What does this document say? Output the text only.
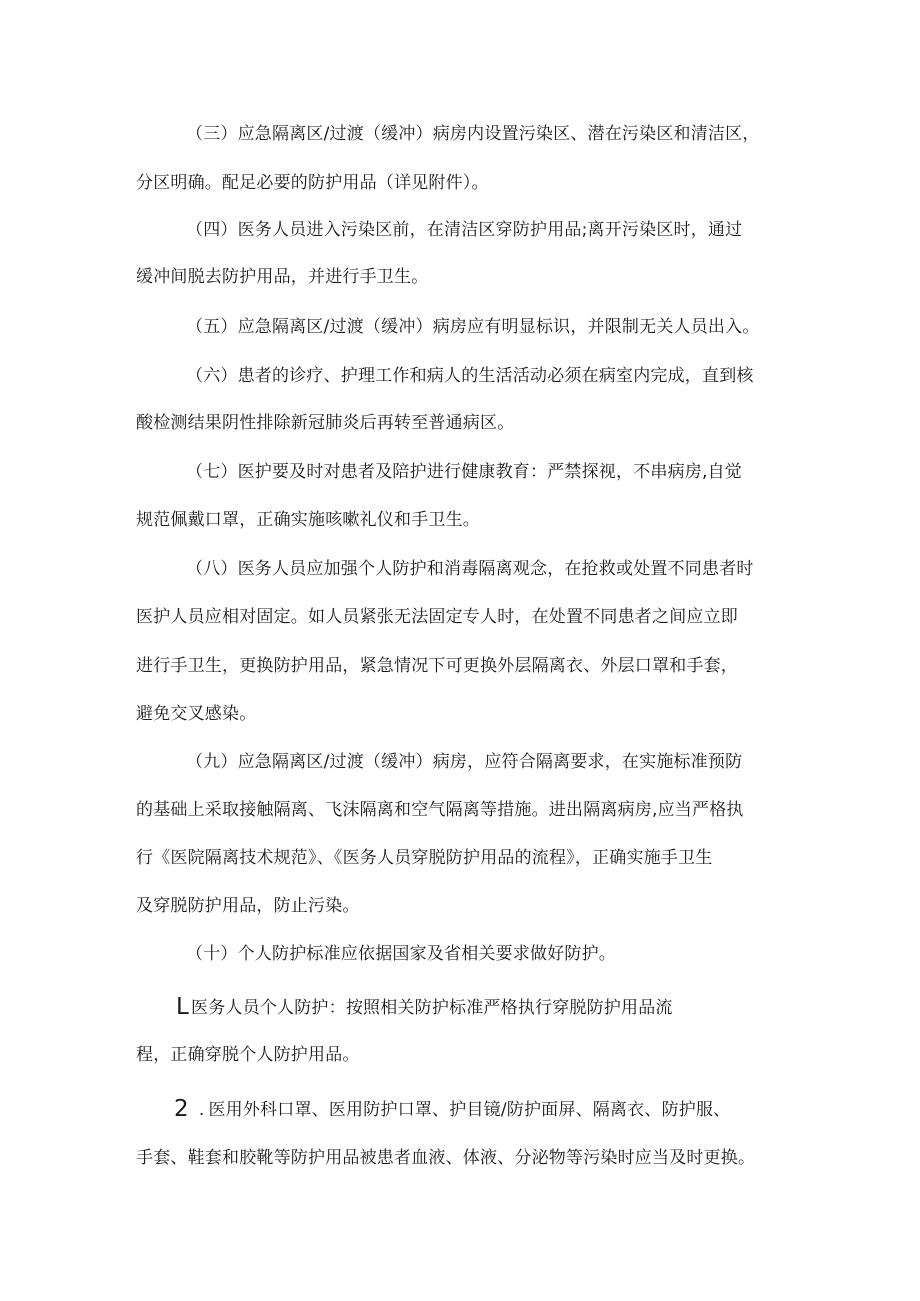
（三）应急隔离区/过渡（缓冲）病房内设置污染区、潜在污染区和清洁区，
分区明确。配足必要的防护用品（详见附件）。
（四）医务人员进入污染区前，在清洁区穿防护用品;离开污染区时，通过
缓冲间脱去防护用品，并进行手卫生。
（五）应急隔离区/过渡（缓冲）病房应有明显标识，并限制无关人员出入。
（六）患者的诊疗、护理工作和病人的生活活动必须在病室内完成，直到核
酸检测结果阴性排除新冠肺炎后再转至普通病区。
（七）医护要及时对患者及陪护进行健康教育：严禁探视，不串病房,自觉
规范佩戴口罩，正确实施咳嗽礼仪和手卫生。
（八）医务人员应加强个人防护和消毒隔离观念，在抢救或处置不同患者时
医护人员应相对固定。如人员紧张无法固定专人时，在处置不同患者之间应立即
进行手卫生，更换防护用品，紧急情况下可更换外层隔离衣、外层口罩和手套，
避免交叉感染。
（九）应急隔离区/过渡（缓冲）病房，应符合隔离要求，在实施标准预防
的基础上采取接触隔离、飞沫隔离和空气隔离等措施。进出隔离病房,应当严格执
行《医院隔离技术规范》、《医务人员穿脱防护用品的流程》，正确实施手卫生
及穿脱防护用品，防止污染。
（十）个人防护标准应依据国家及省相关要求做好防护。
L 医务人员个人防护：按照相关防护标准严格执行穿脱防护用品流
程，正确穿脱个人防护用品。
2 . 医用外科口罩、医用防护口罩、护目镜/防护面屏、隔离衣、防护服、
手套、鞋套和胶靴等防护用品被患者血液、体液、分泌物等污染时应当及时更换。
